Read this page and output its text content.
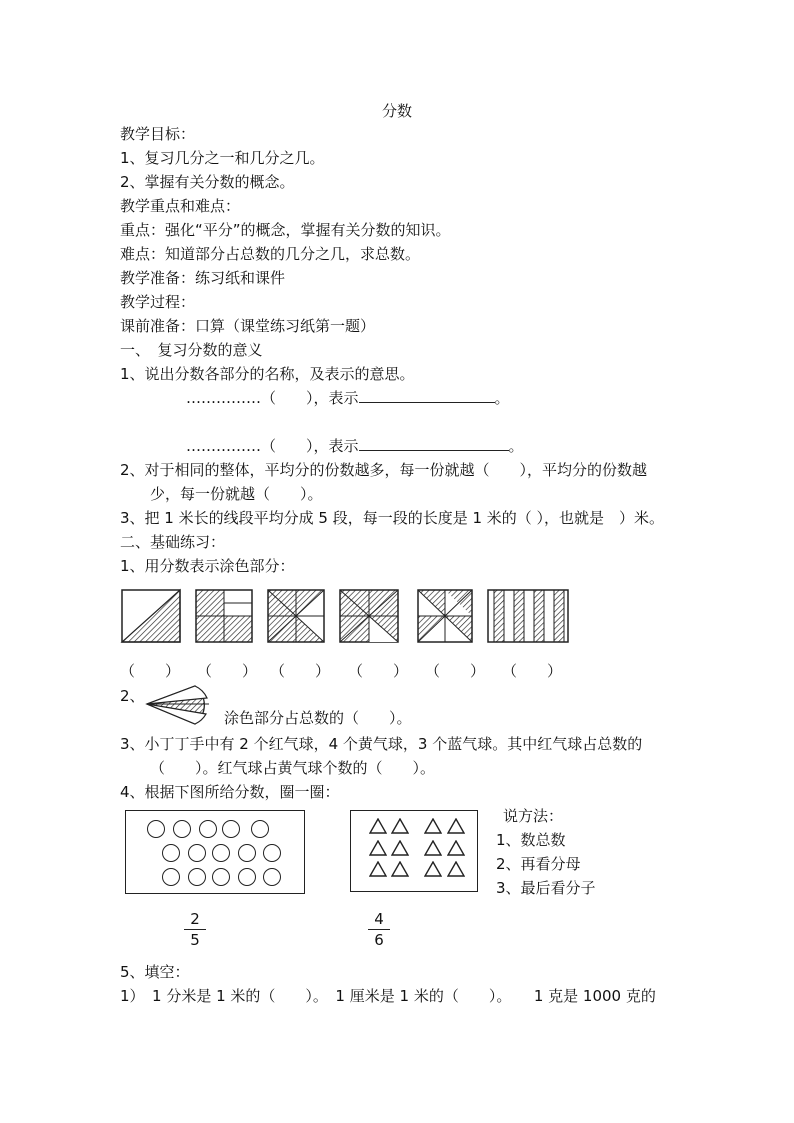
分数
教学目标：
1、复习几分之一和几分之几。
2、掌握有关分数的概念。
教学重点和难点：
重点：强化“平分”的概念，掌握有关分数的知识。
难点：知道部分占总数的几分之几，求总数。
教学准备：练习纸和课件
教学过程：
课前准备：口算（课堂练习纸第一题）
一、　复习分数的意义
1、说出分数各部分的名称，及表示的意思。
……………（　　），表示	。
……………（　　），表示	。
2、对于相同的整体，平均分的份数越多，每一份就越（　　），平均分的份数越
少，每一份就越（　　）。
3、把 1 米长的线段平均分成 5 段，每一段的长度是 1 米的（ ），也就是　）米。
二、基础练习：
1、用分数表示涂色部分：
（　　） （　　） （　　） （　　） （　　） （　　）
2、
涂色部分占总数的（　　）。
3、小丁丁手中有 2 个红气球，4 个黄气球，3 个蓝气球。其中红气球占总数的
（　　）。红气球占黄气球个数的（　　）。
4、根据下图所给分数，圈一圈：
说方法：
1、数总数
2、再看分母
3、最后看分子
2
5
4
6
5、填空：
1）　1 分米是 1 米的（　　）。　1 厘米是 1 米的（　　）。　　1 克是 1000 克的
